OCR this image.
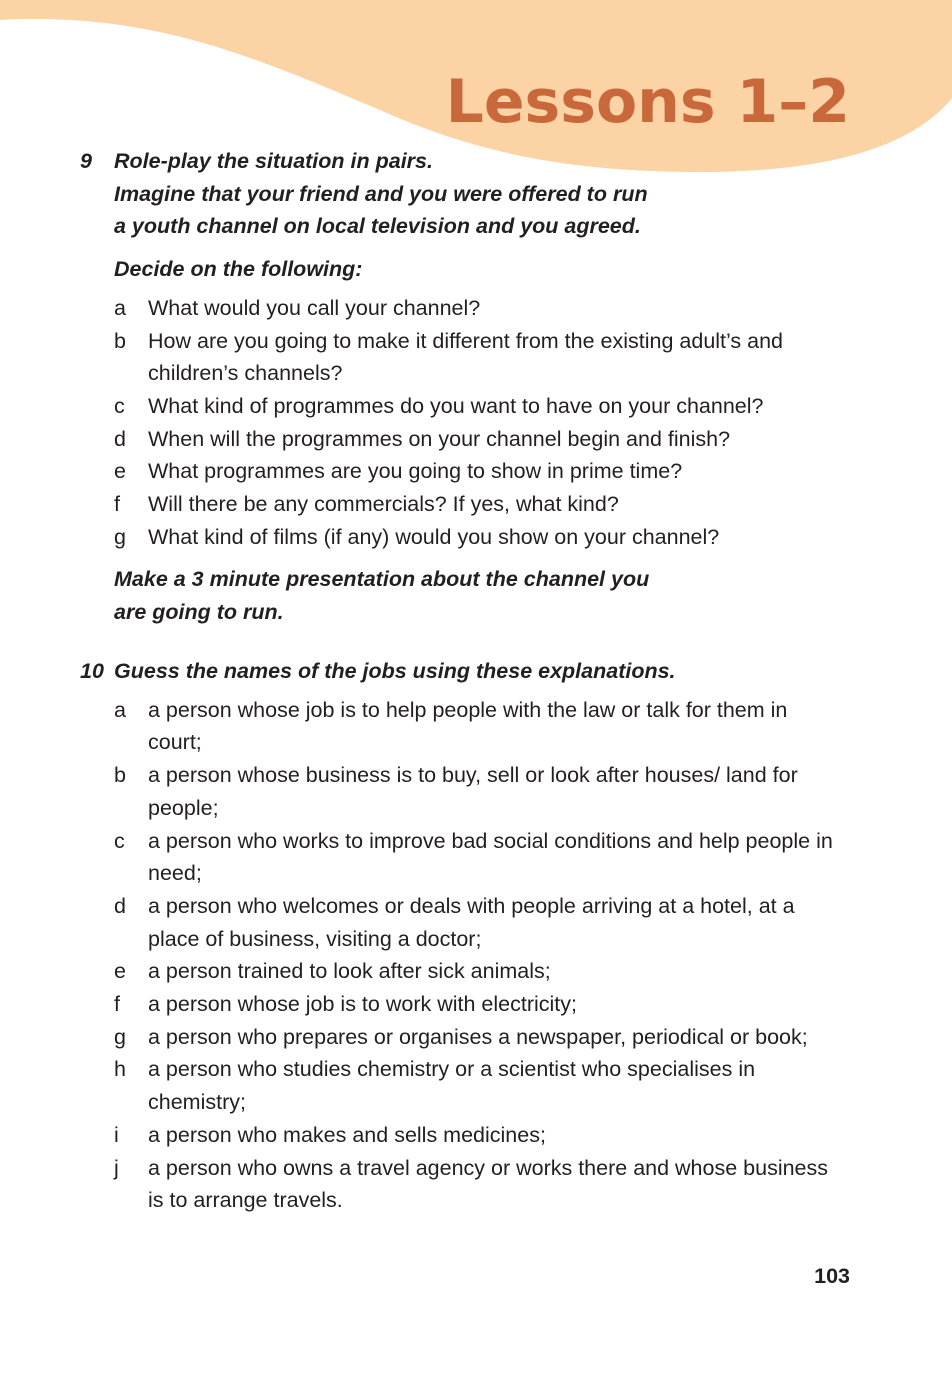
Lessons 1–2
9 Role-play the situation in pairs.

Imagine that your friend and you were offered to run

a youth channel on local television and you agreed.

Decide on the following:

a What would you call your channel?
b How are you going to make it different from the existing adult’s and children’s channels?
c What kind of programmes do you want to have on your channel?
d When will the programmes on your channel begin and finish?
e What programmes are you going to show in prime time?
f Will there be any commercials? If yes, what kind?
g What kind of films (if any) would you show on your channel?

Make a 3 minute presentation about the channel you

are going to run.

10 Guess the names of the jobs using these explanations.

a a person whose job is to help people with the law or talk for them in court;
b a person whose business is to buy, sell or look after houses/ land for people;
c a person who works to improve bad social conditions and help people in need;
d a person who welcomes or deals with people arriving at a hotel, at a place of business, visiting a doctor;
e a person trained to look after sick animals;
f a person whose job is to work with electricity;
g a person who prepares or organises a newspaper, periodical or book;
h a person who studies chemistry or a scientist who specialises in chemistry;
i a person who makes and sells medicines;
j a person who owns a travel agency or works there and whose business is to arrange travels.
103
